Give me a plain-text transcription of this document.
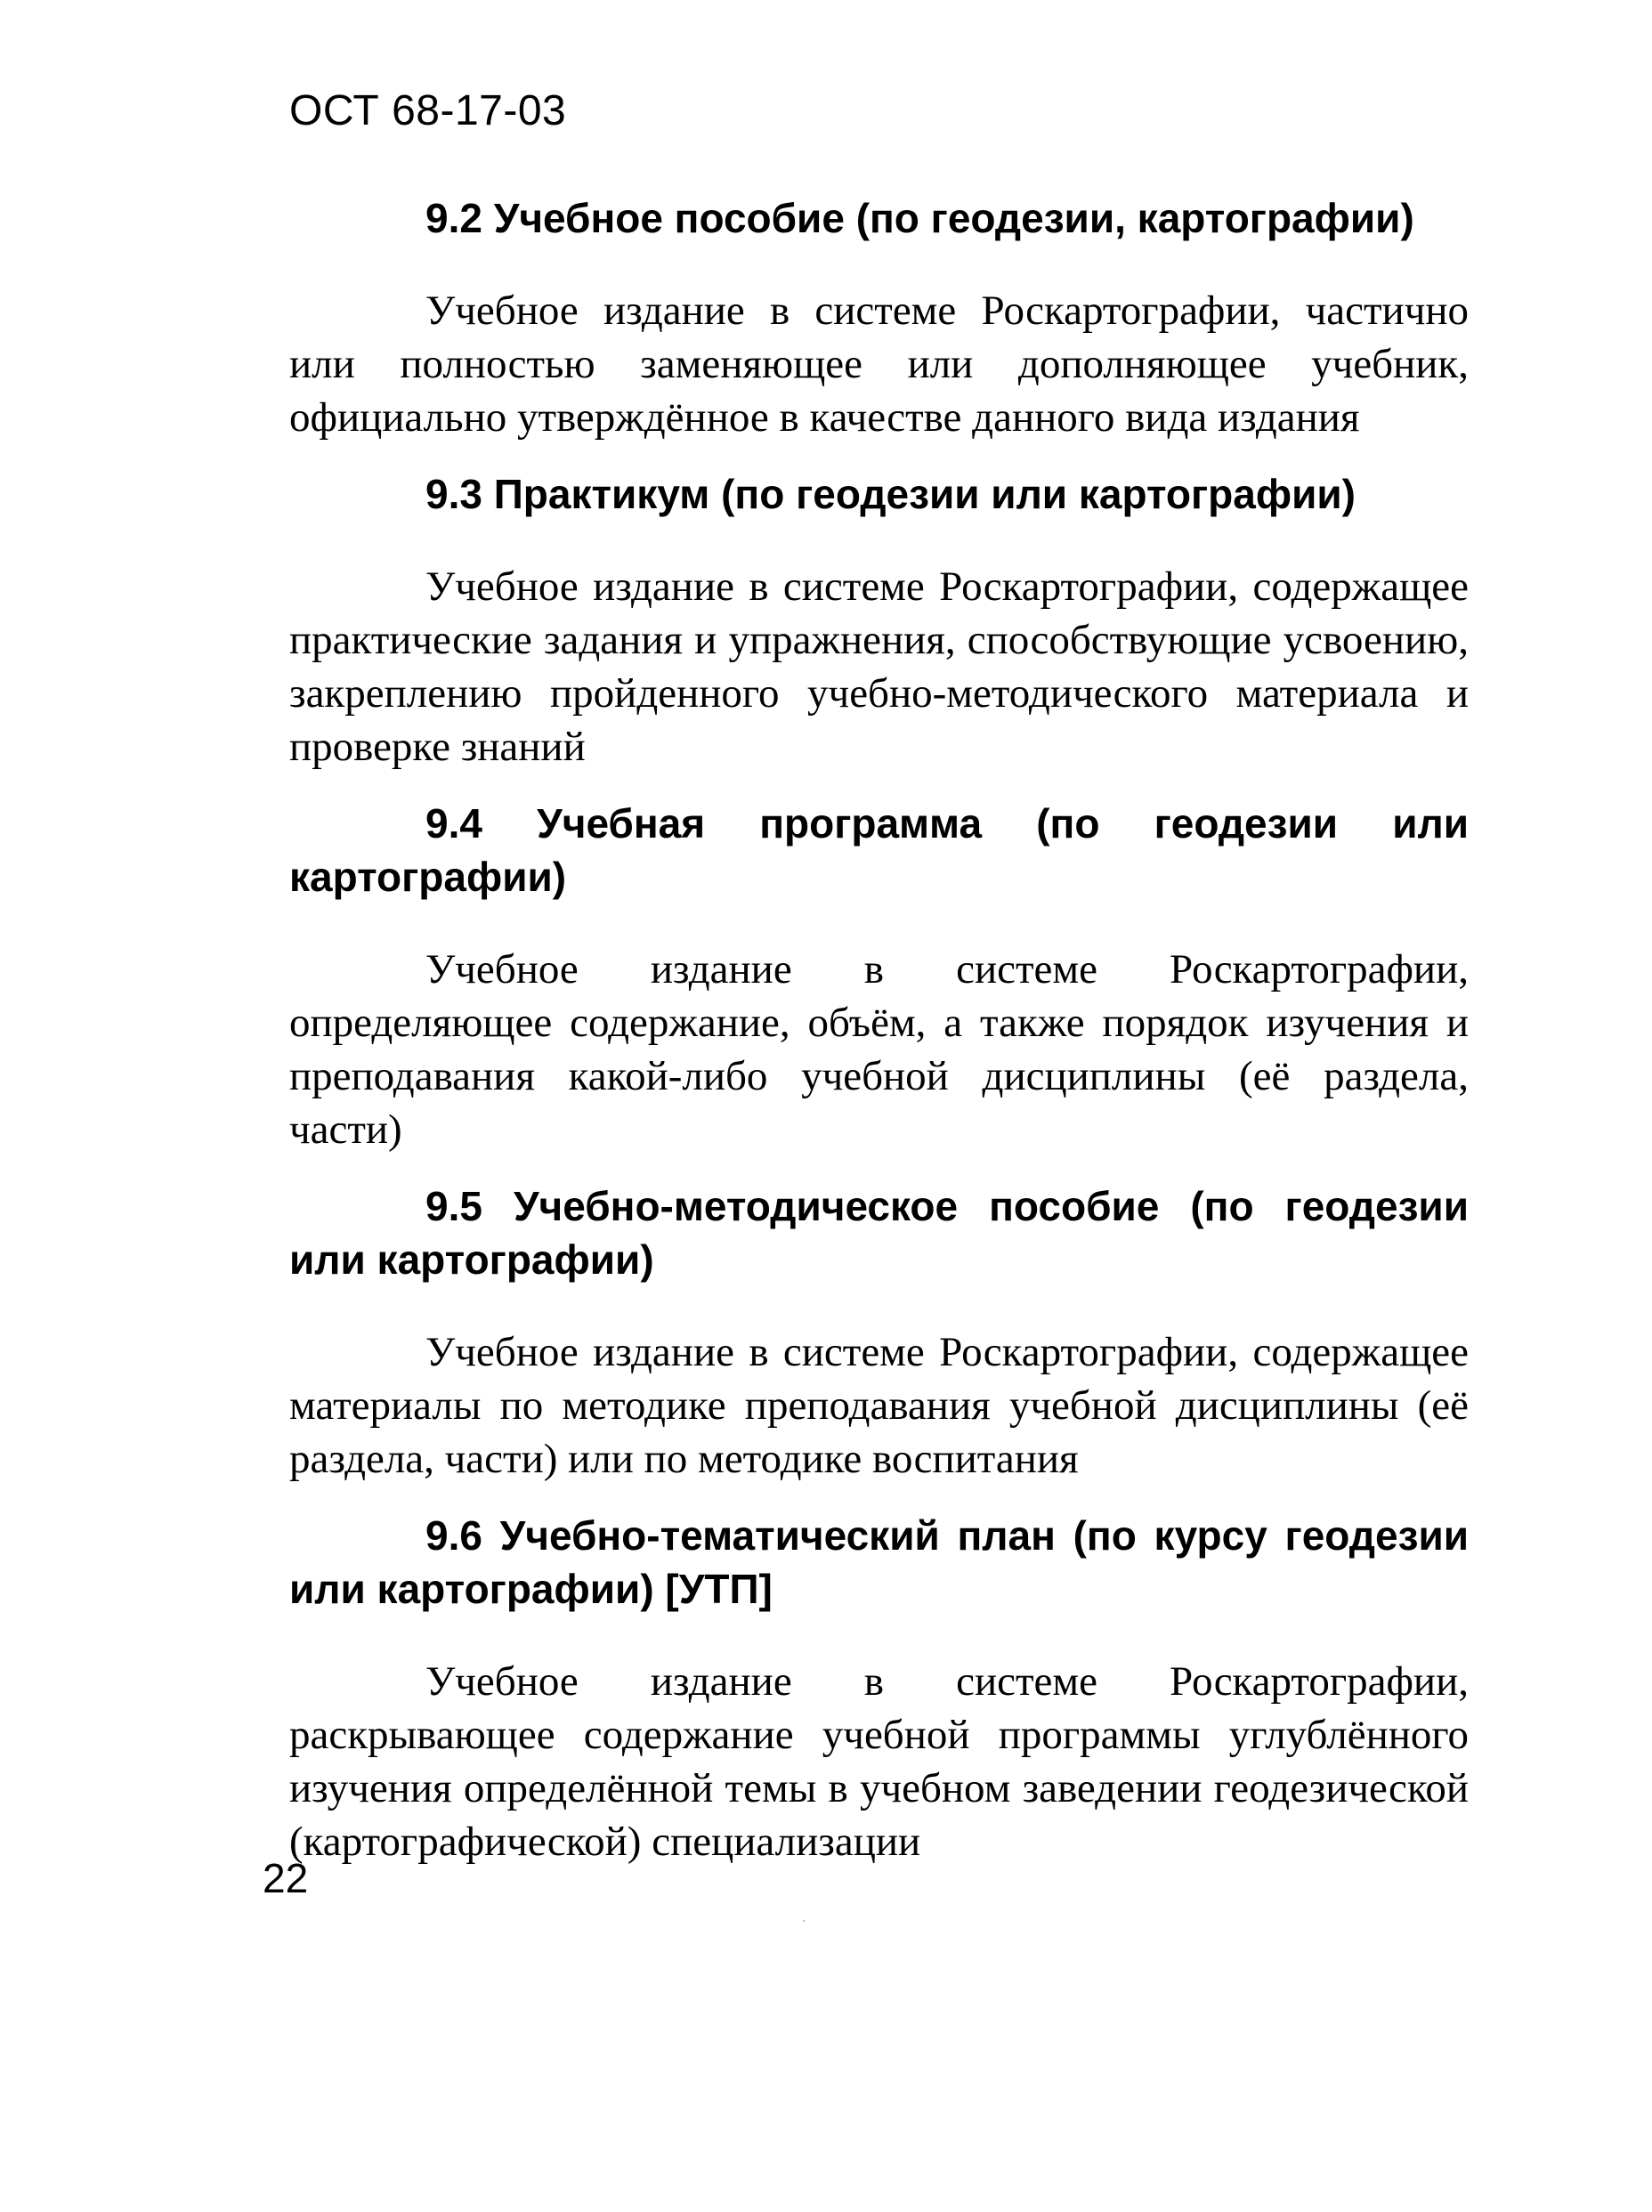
ОСТ 68-17-03
9.2 Учебное пособие (по геодезии, картографии)

Учебное издание в системе Роскартографии, частично или полностью заменяющее или дополняющее учебник, официально утверждённое в качестве данного вида издания

9.3 Практикум (по геодезии или картографии)

Учебное издание в системе Роскартографии, содержащее практические задания и упражнения, способствующие усвоению, закреплению пройденного учебно-методического материала и проверке знаний

9.4 Учебная программа (по геодезии или картографии)

Учебное издание в системе Роскартографии, определяющее содержание, объём, а также порядок изучения и преподавания какой-либо учебной дисциплины (её раздела, части)

9.5 Учебно-методическое пособие (по геодезии или картографии)

Учебное издание в системе Роскартографии, содержащее материалы по методике преподавания учебной дисциплины (её раздела, части) или по методике воспитания

9.6 Учебно-тематический план (по курсу геодезии или картографии) [УТП]

Учебное издание в системе Роскартографии, раскрывающее содержание учебной программы углублённого изучения определённой темы в учебном заведении геодезической (картографической) специализации

22
